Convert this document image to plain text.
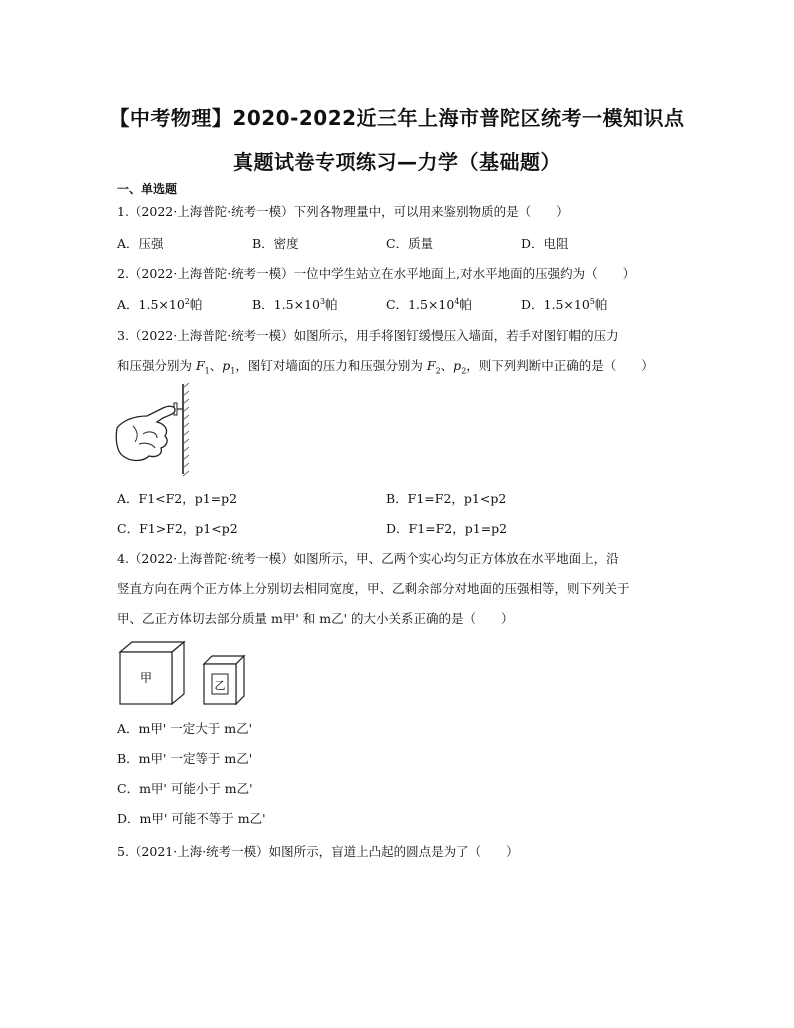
【中考物理】2020-2022近三年上海市普陀区统考一模知识点
真题试卷专项练习—力学（基础题）
一、单选题
1.（2022·上海普陀·统考一模）下列各物理量中，可以用来鉴别物质的是（　　）
A．压强	B．密度	C．质量	D．电阻
2.（2022·上海普陀·统考一模）一位中学生站立在水平地面上,对水平地面的压强约为（　　）
A．$1.5\times 10^2$帕	B．$1.5\times 10^3$帕	C．$1.5\times 10^4$帕	D．$1.5\times 10^5$帕
3.（2022·上海普陀·统考一模）如图所示，用手将图钉缓慢压入墙面，若手对图钉帽的压力
和压强分别为 $F_1$、$p_1$，图钉对墙面的压力和压强分别为 $F_2$、$p_2$，则下列判断中正确的是（　　）
A．F1<F2，p1=p2	B．F1=F2，p1<p2
C．F1>F2，p1<p2	D．F1=F2，p1=p2
4.（2022·上海普陀·统考一模）如图所示，甲、乙两个实心均匀正方体放在水平地面上，沿
竖直方向在两个正方体上分别切去相同宽度，甲、乙剩余部分对地面的压强相等，则下列关于
甲、乙正方体切去部分质量 m甲' 和 m乙' 的大小关系正确的是（　　）
甲
乙
A．m甲' 一定大于 m乙'
B．m甲' 一定等于 m乙'
C．m甲' 可能小于 m乙'
D．m甲' 可能不等于 m乙'
5.（2021·上海·统考一模）如图所示，盲道上凸起的圆点是为了（　　）
